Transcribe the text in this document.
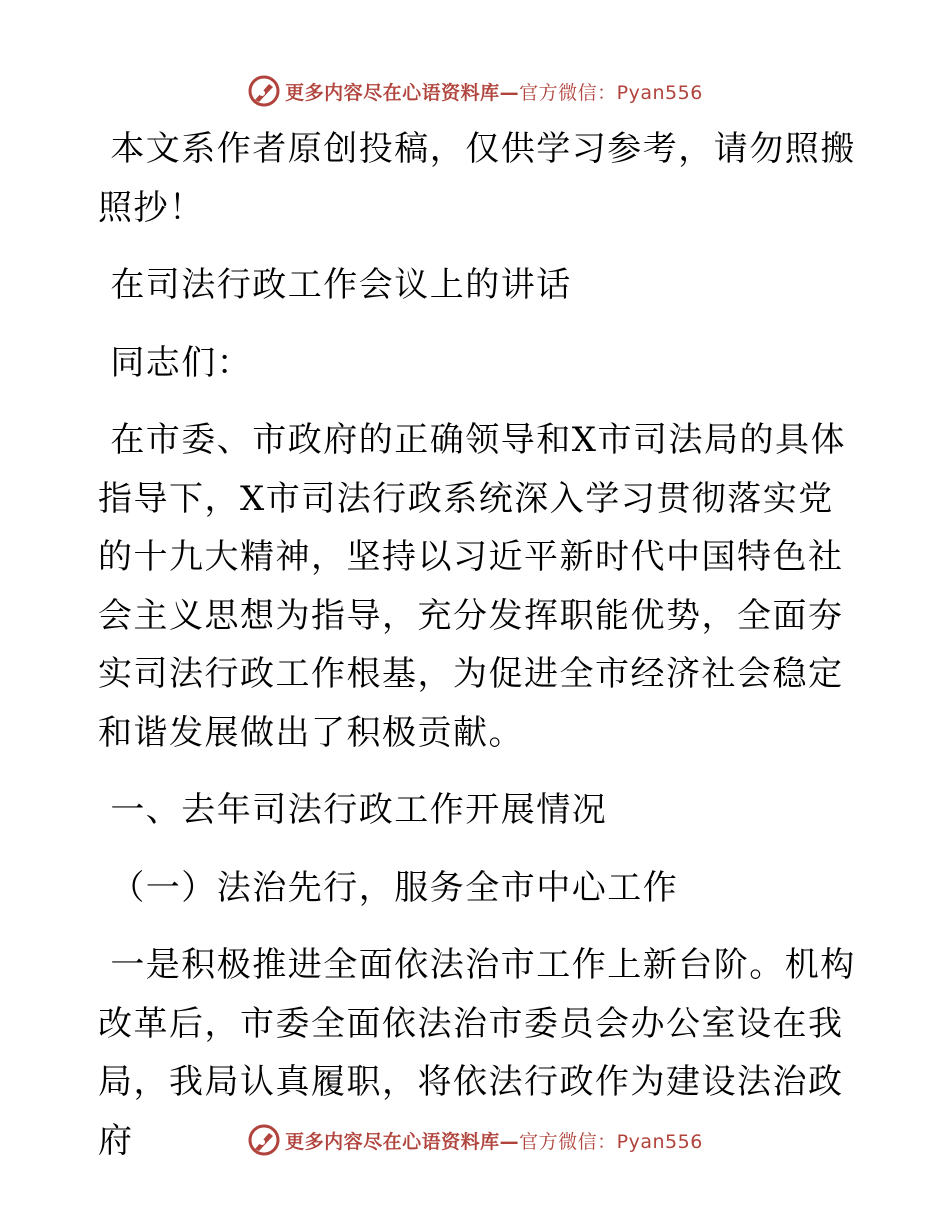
更多内容尽在心语资料库—官方微信：Pyan556

本文系作者原创投稿，仅供学习参考，请勿照搬照抄！

在司法行政工作会议上的讲话

同志们：

在市委、市政府的正确领导和X市司法局的具体指导下，X市司法行政系统深入学习贯彻落实党的十九大精神，坚持以习近平新时代中国特色社会主义思想为指导，充分发挥职能优势，全面夯实司法行政工作根基，为促进全市经济社会稳定和谐发展做出了积极贡献。

一、去年司法行政工作开展情况

（一）法治先行，服务全市中心工作

一是积极推进全面依法治市工作上新台阶。机构改革后，市委全面依法治市委员会办公室设在我局，我局认真履职，将依法行政作为建设法治政府	更多内容尽在心语资料库—官方微信：Pyan556
